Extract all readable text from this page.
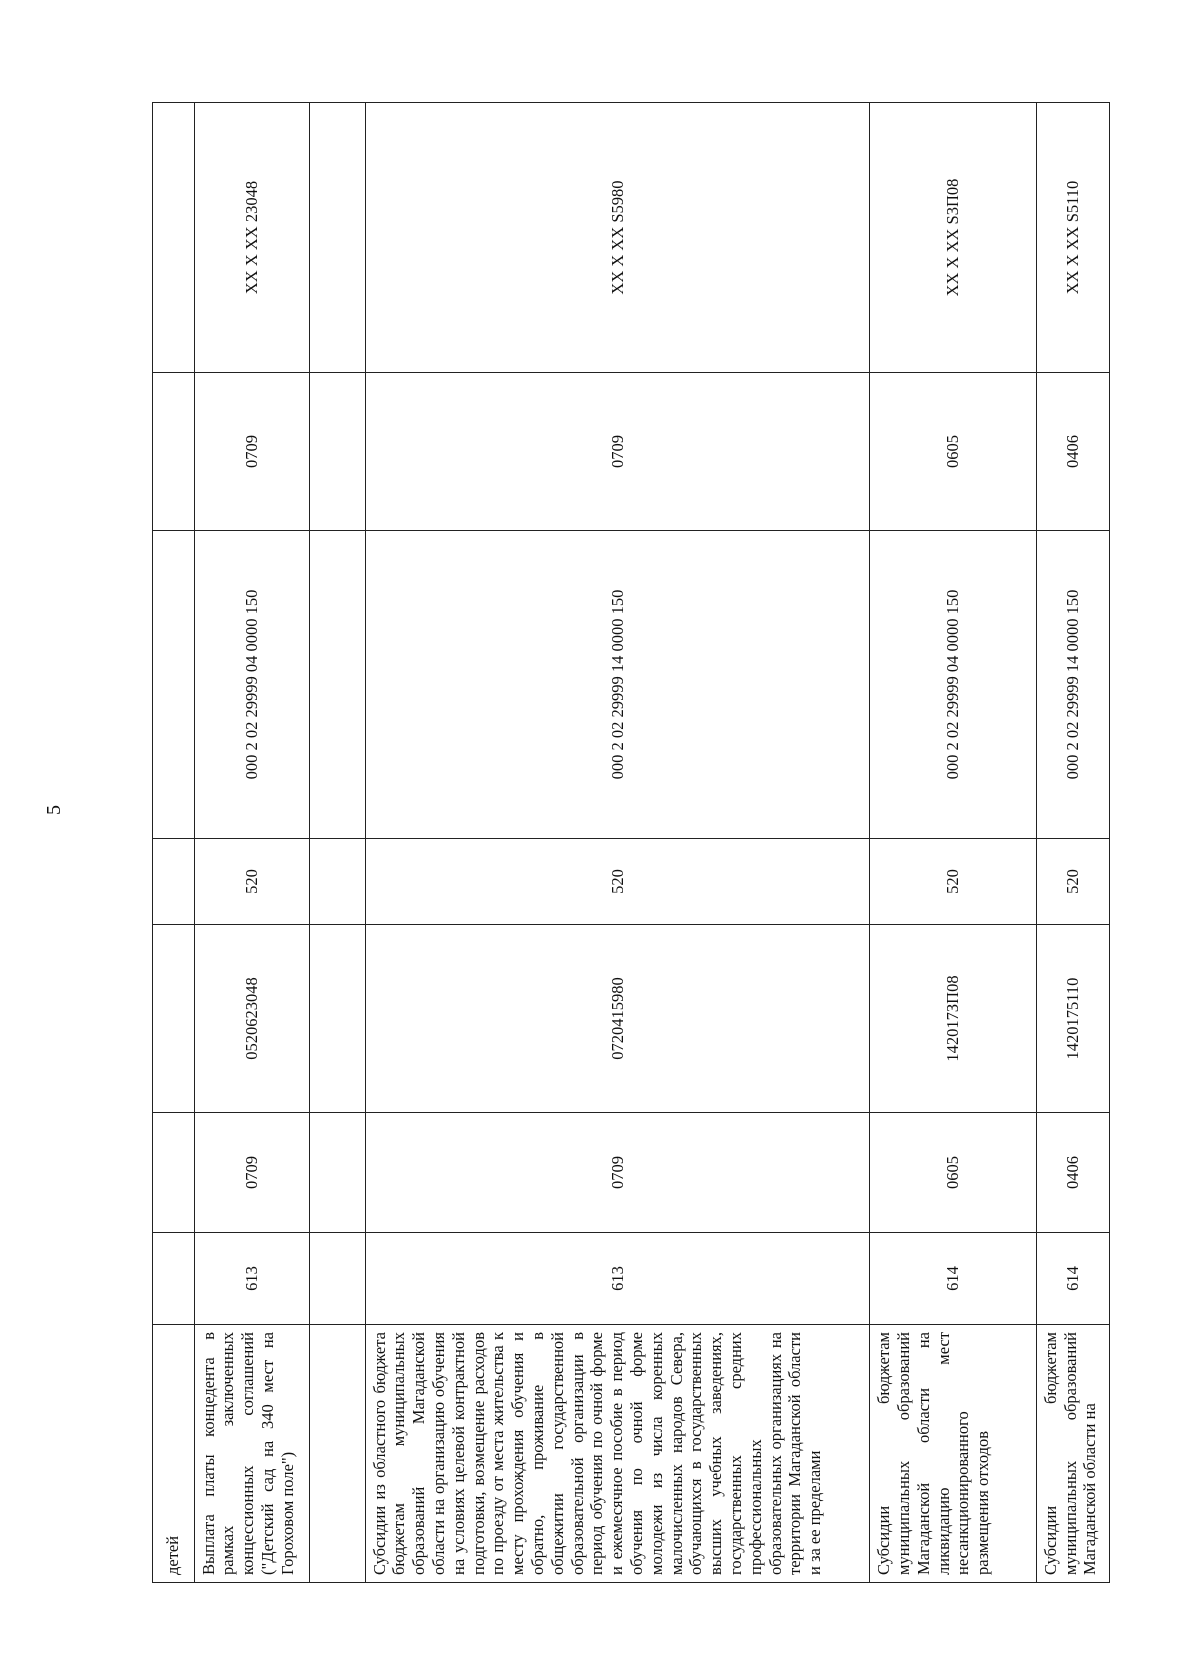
5
детей							
Выплата платы концедента в рамках заключенных концессионных соглашений ("Детский сад на 340 мест на Гороховом поле")	613	0709	0520623048	520	000 2 02 29999 04 0000 150	0709	XX X XX 23048

Субсидии из областного бюджета бюджетам муниципальных образований Магаданской области на организацию обучения на условиях целевой контрактной подготовки, возмещение расходов по проезду от места жительства к месту прохождения обучения и обратно, проживание в общежитии государственной образовательной организации в период обучения по очной форме и ежемесячное пособие в период обучения по очной форме молодежи из числа коренных малочисленных народов Севера, обучающихся в государственных высших учебных заведениях, государственных средних профессиональных образовательных организациях на территории Магаданской области и за ее пределами	613	0709	0720415980	520	000 2 02 29999 14 0000 150	0709	XX X XX S5980
Субсидии бюджетам муниципальных образований Магаданской области на ликвидацию мест несанкционированного размещения отходов	614	0605	142017ЗП08	520	000 2 02 29999 04 0000 150	0605	XX X XX S3П08
Субсидии бюджетам муниципальных образований Магаданской области на	614	0406	1420175110	520	000 2 02 29999 14 0000 150	0406	XX X XX S5110
